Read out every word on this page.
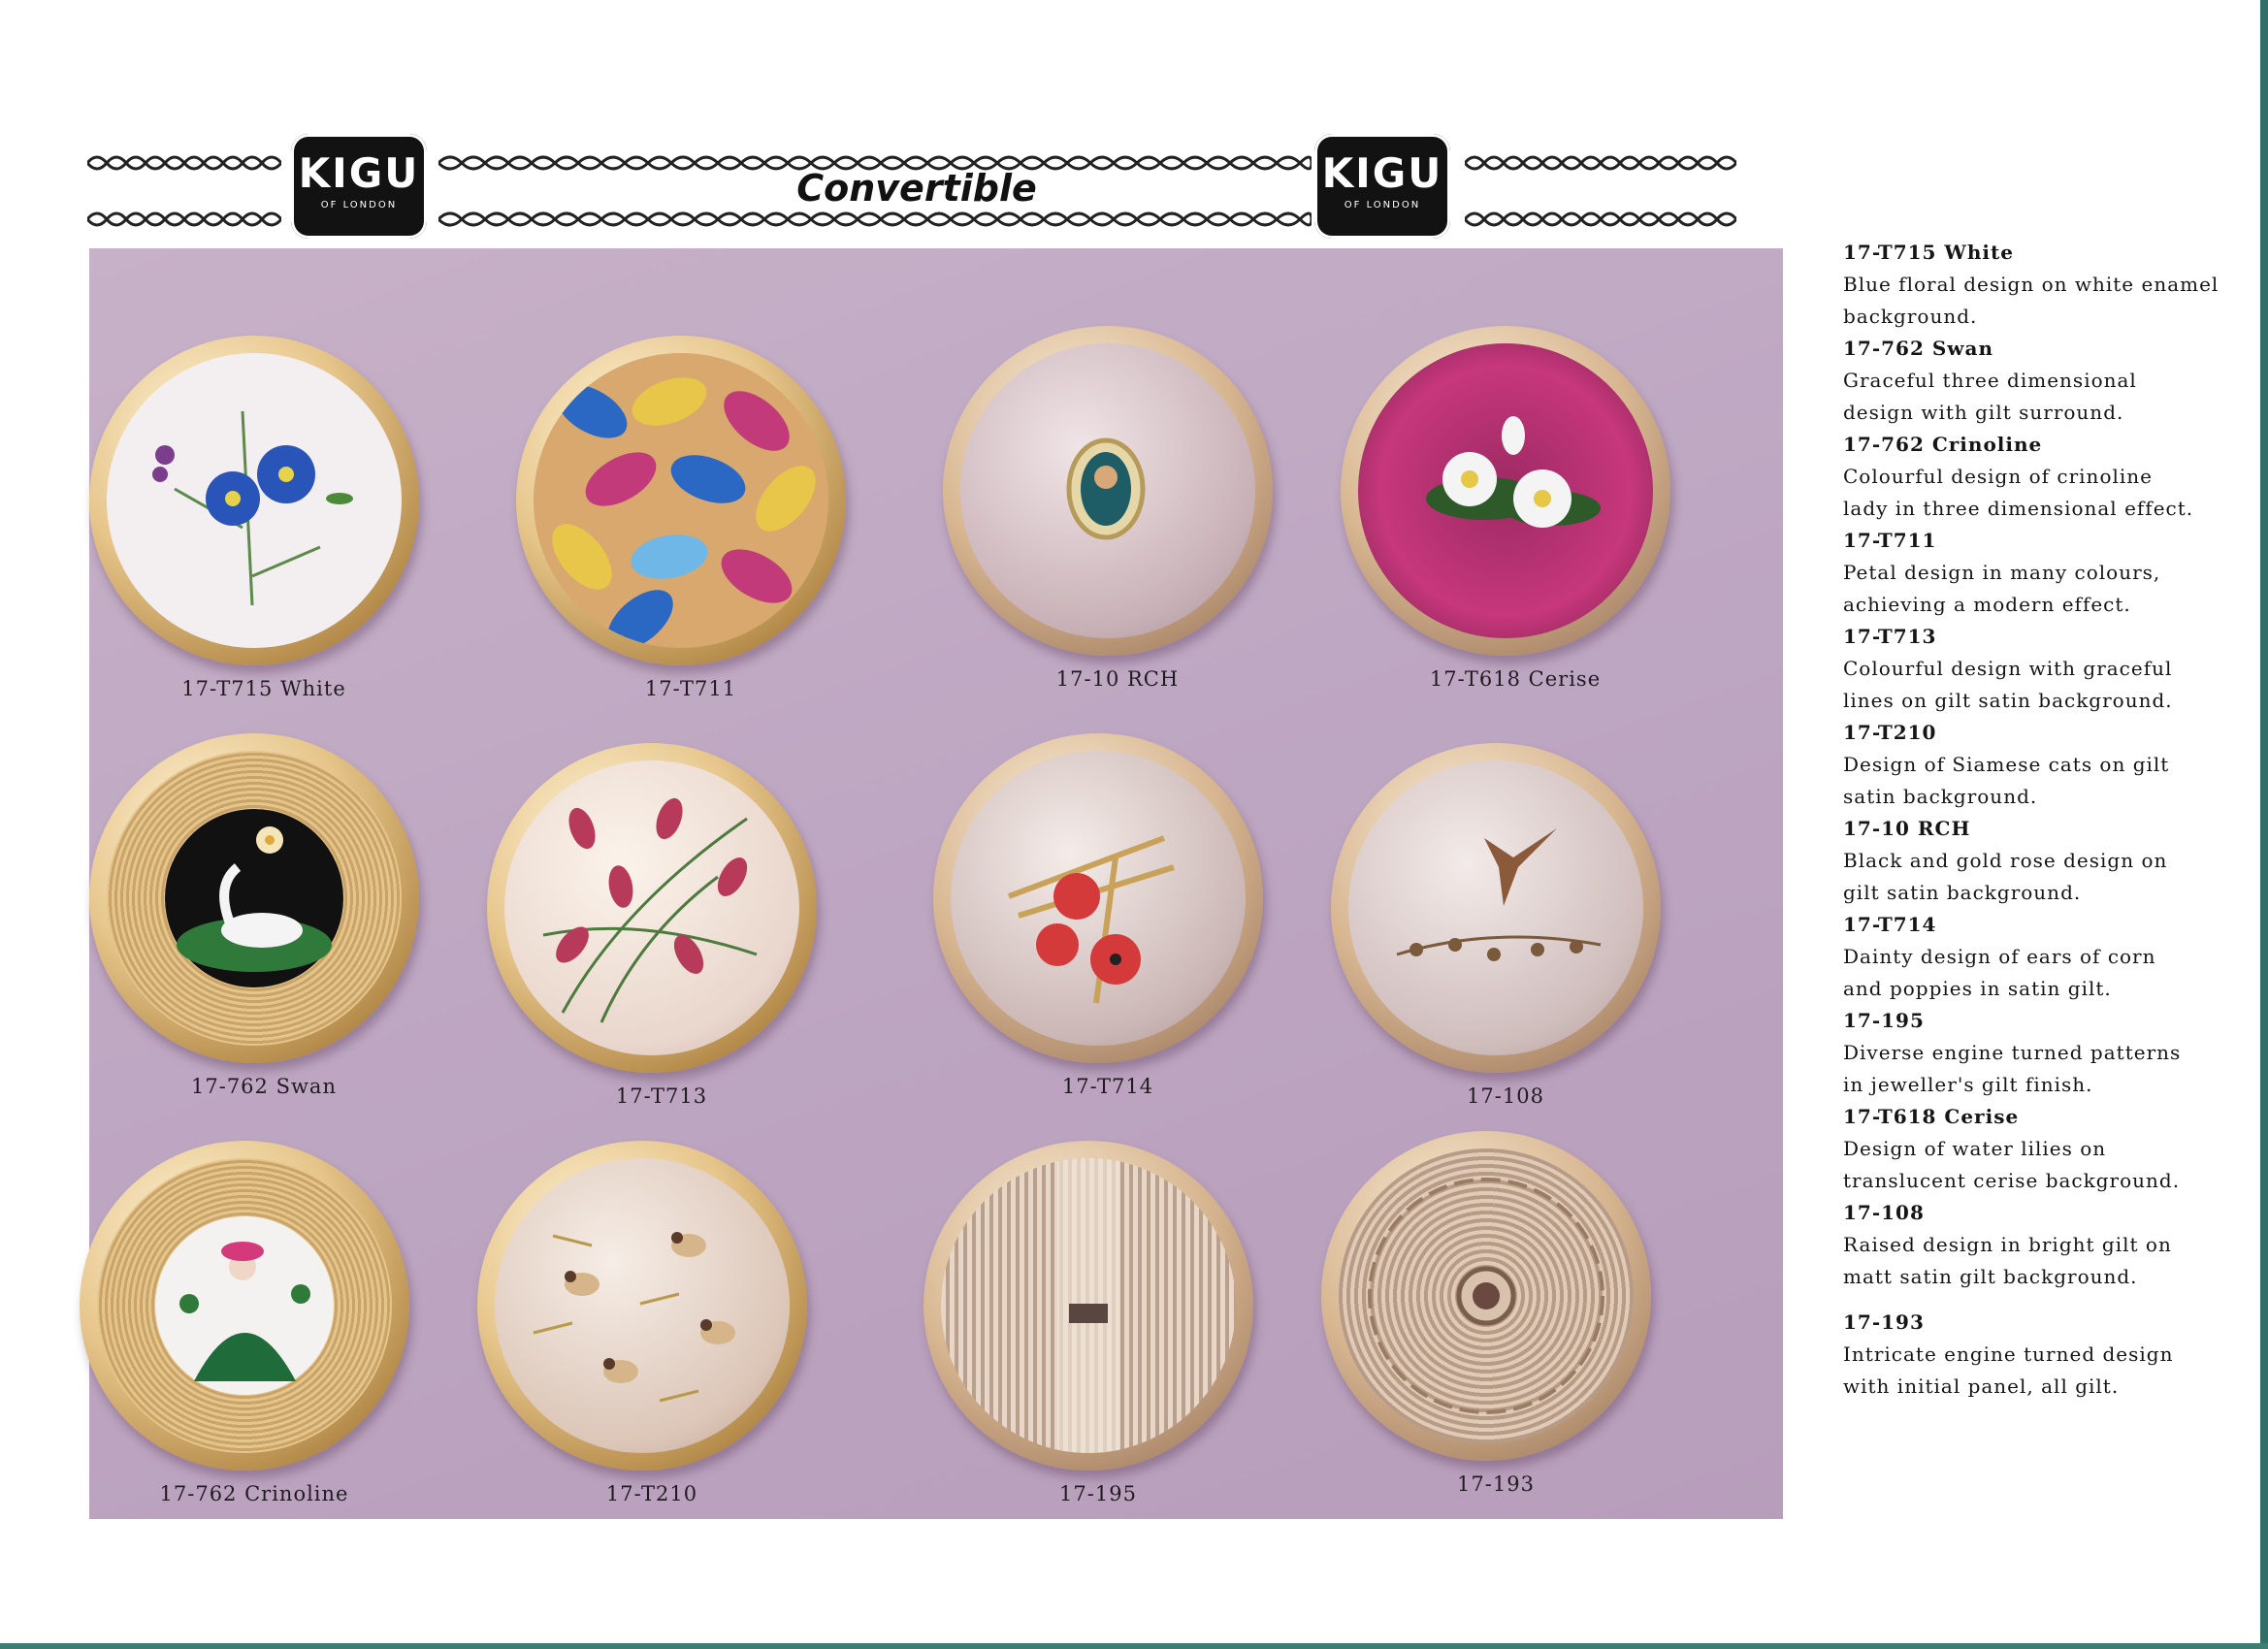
KIGU
OF LONDON	Convertible	KIGU
OF LONDON
17-T715 White	17-T711	17-10 RCH	17-T618 Cerise
17-762 Swan	17-T713	17-T714	17-108
17-762 Crinoline	17-T210	17-195	17-193
17-T715 White
Blue floral design on white enamel
background.
17-762 Swan
Graceful three dimensional
design with gilt surround.
17-762 Crinoline
Colourful design of crinoline
lady in three dimensional effect.
17-T711
Petal design in many colours,
achieving a modern effect.
17-T713
Colourful design with graceful
lines on gilt satin background.
17-T210
Design of Siamese cats on gilt
satin background.
17-10 RCH
Black and gold rose design on
gilt satin background.
17-T714
Dainty design of ears of corn
and poppies in satin gilt.
17-195
Diverse engine turned patterns
in jeweller's gilt finish.
17-T618 Cerise
Design of water lilies on
translucent cerise background.
17-108
Raised design in bright gilt on
matt satin gilt background.
17-193
Intricate engine turned design
with initial panel, all gilt.
